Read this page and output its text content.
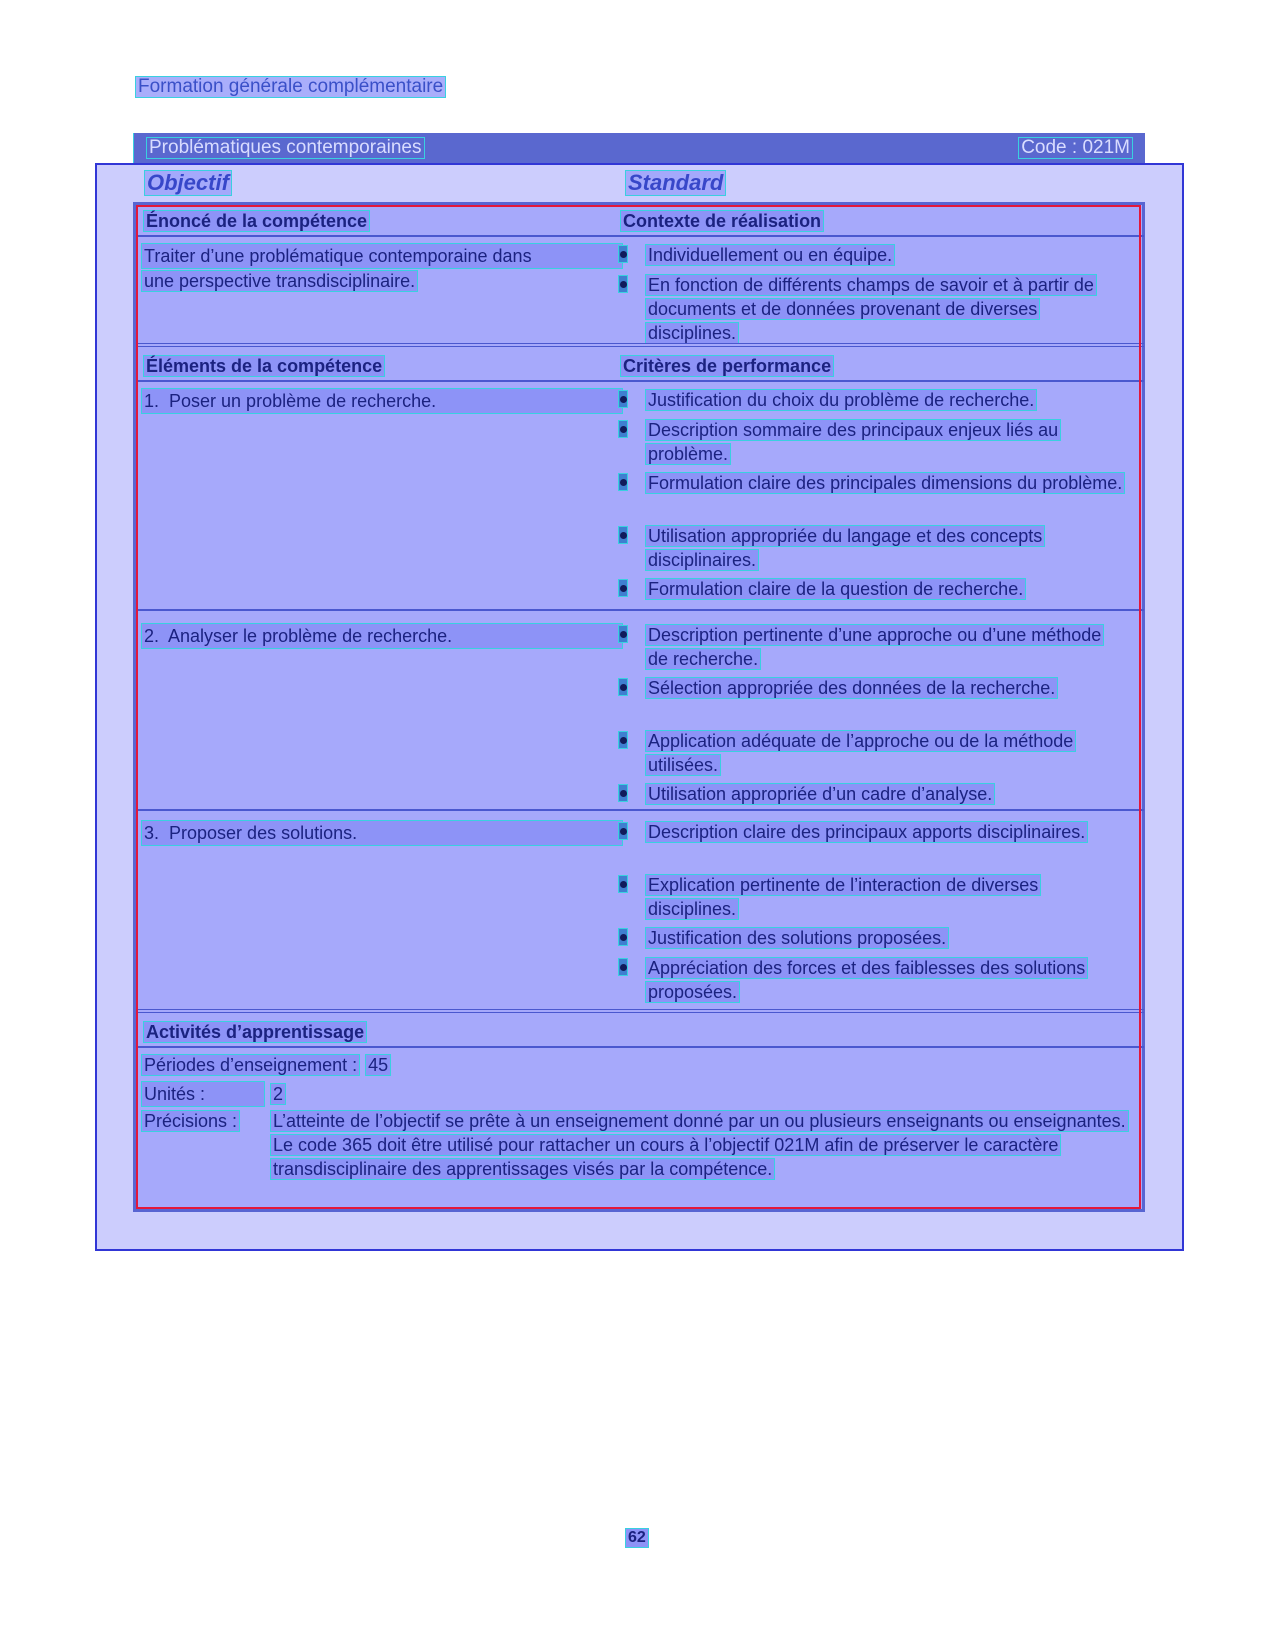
Formation générale complémentaire
Problématiques contemporaines	Code : 021M
Objectif	Standard
Énoncé de la compétence	Contexte de réalisation
Traiter d’une problématique contemporaine dans
une perspective transdisciplinaire.
Individuellement ou en équipe.
En fonction de différents champs de savoir et à partir de documents et de données provenant de diverses disciplines.
Éléments de la compétence	Critères de performance
1.  Poser un problème de recherche.	Justification du choix du problème de recherche.
Description sommaire des principaux enjeux liés au problème.
Formulation claire des principales dimensions du problème.
Utilisation appropriée du langage et des concepts disciplinaires.
Formulation claire de la question de recherche.
2.  Analyser le problème de recherche.	Description pertinente d’une approche ou d’une méthode de recherche.
Sélection appropriée des données de la recherche.
Application adéquate de l’approche ou de la méthode utilisées.
Utilisation appropriée d’un cadre d’analyse.
3.  Proposer des solutions.	Description claire des principaux apports disciplinaires.
Explication pertinente de l’interaction de diverses disciplines.
Justification des solutions proposées.
Appréciation des forces et des faiblesses des solutions proposées.
Activités d’apprentissage
Périodes d’enseignement : 45
Unités :	2
Précisions : L’atteinte de l’objectif se prête à un enseignement donné par un ou plusieurs enseignants ou enseignantes.
Le code 365 doit être utilisé pour rattacher un cours à l’objectif 021M afin de préserver le caractère transdisciplinaire des apprentissages visés par la compétence.
62
